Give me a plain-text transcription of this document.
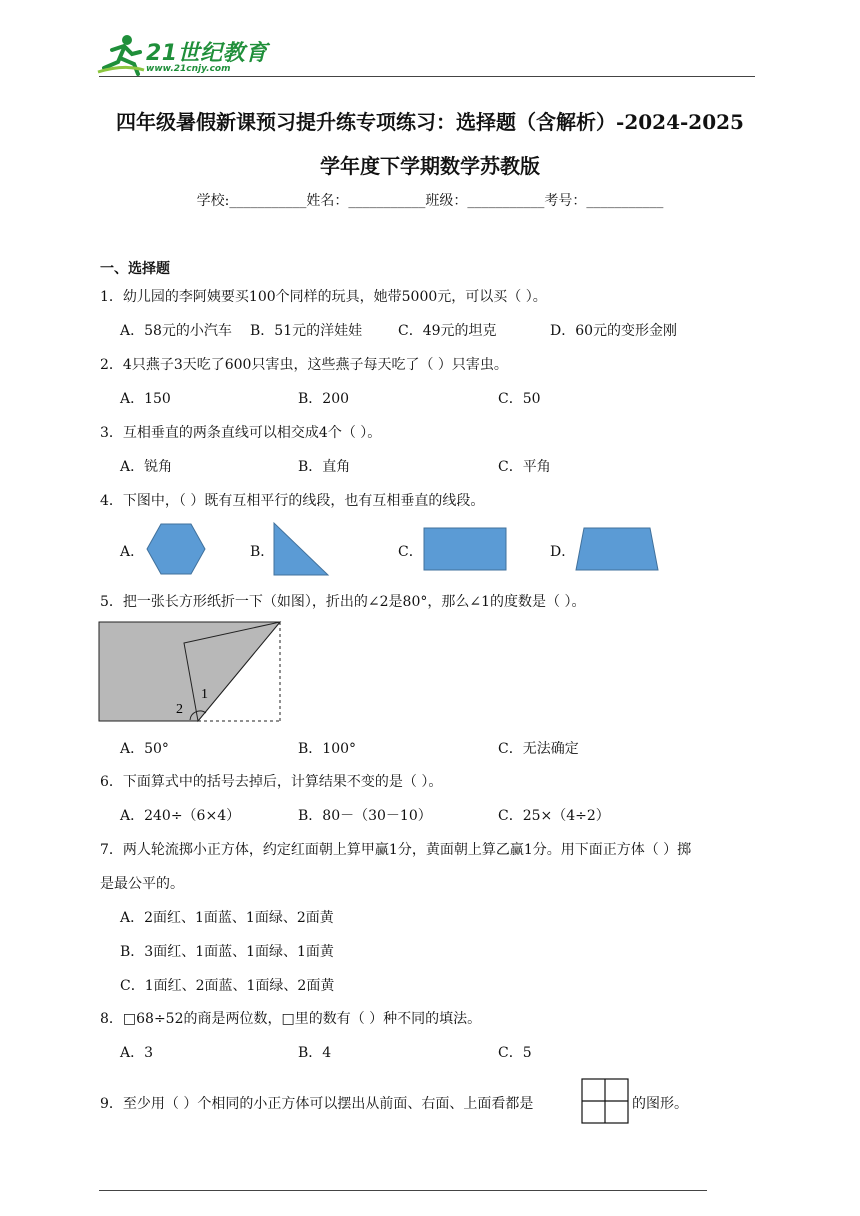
21世纪教育
www.21cnjy.com
四年级暑假新课预习提升练专项练习：选择题（含解析）-2024-2025
学年度下学期数学苏教版
学校:___________姓名：___________班级：___________考号：___________
一、选择题
1．幼儿园的李阿姨要买100个同样的玩具，她带5000元，可以买（ ）。
A．58元的小汽车 B．51元的洋娃娃	C．49元的坦克	D．60元的变形金刚
2．4只燕子3天吃了600只害虫，这些燕子每天吃了（ ）只害虫。
A．150	B．200	C．50
3．互相垂直的两条直线可以相交成4个（ ）。
A．锐角	B．直角	C．平角
4．下图中，（ ）既有互相平行的线段，也有互相垂直的线段。
A．	B．	C．	D．
5．把一张长方形纸折一下（如图），折出的∠2是80°，那么∠1的度数是（ ）。
1
2
A．50°	B．100°	C．无法确定
6．下面算式中的括号去掉后，计算结果不变的是（ ）。
A．240÷（6×4）	B．80－（30－10）	C．25×（4÷2）
7．两人轮流掷小正方体，约定红面朝上算甲赢1分，黄面朝上算乙赢1分。用下面正方体（ ）掷
是最公平的。
A．2面红、1面蓝、1面绿、2面黄
B．3面红、1面蓝、1面绿、1面黄
C．1面红、2面蓝、1面绿、2面黄
8．□68÷52的商是两位数，□里的数有（ ）种不同的填法。
A．3	B．4	C．5
9．至少用（ ）个相同的小正方体可以摆出从前面、右面、上面看都是	的图形。
